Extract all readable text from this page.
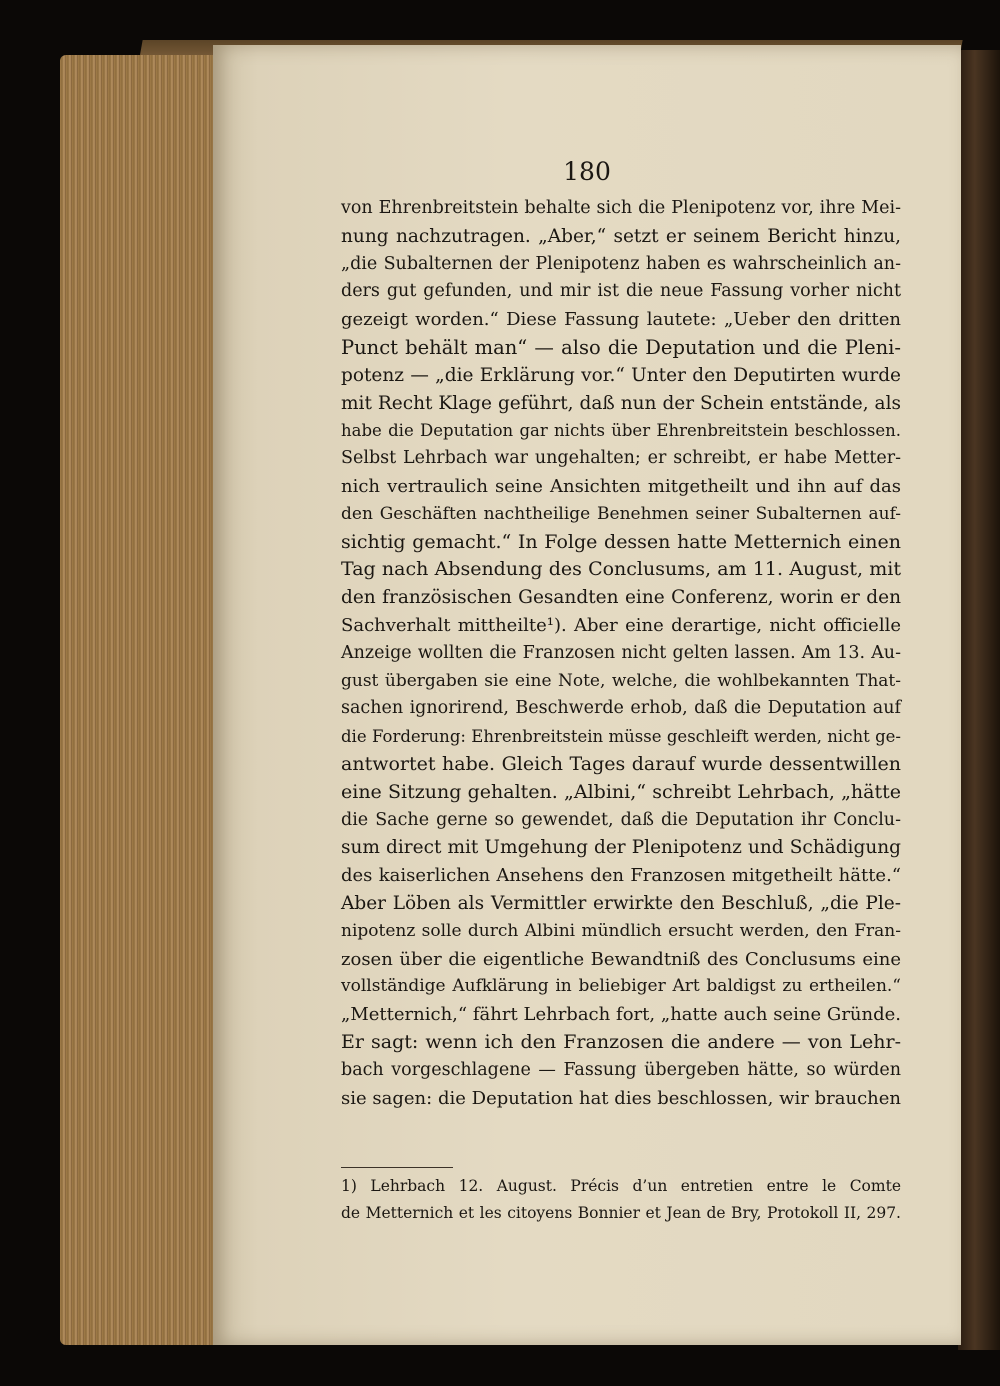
180
von Ehrenbreitstein behalte sich die Plenipotenz vor, ihre Mei-
nung nachzutragen. „Aber,“ setzt er seinem Bericht hinzu,
„die Subalternen der Plenipotenz haben es wahrscheinlich an-
ders gut gefunden, und mir ist die neue Fassung vorher nicht
gezeigt worden.“ Diese Fassung lautete: „Ueber den dritten
Punct behält man“ — also die Deputation und die Pleni-
potenz — „die Erklärung vor.“ Unter den Deputirten wurde
mit Recht Klage geführt, daß nun der Schein entstände, als
habe die Deputation gar nichts über Ehrenbreitstein beschlossen.
Selbst Lehrbach war ungehalten; er schreibt, er habe Metter-
nich vertraulich seine Ansichten mitgetheilt und ihn auf das
den Geschäften nachtheilige Benehmen seiner Subalternen auf-
sichtig gemacht.“ In Folge dessen hatte Metternich einen
Tag nach Absendung des Conclusums, am 11. August, mit
den französischen Gesandten eine Conferenz, worin er den
Sachverhalt mittheilte¹). Aber eine derartige, nicht officielle
Anzeige wollten die Franzosen nicht gelten lassen. Am 13. Au-
gust übergaben sie eine Note, welche, die wohlbekannten That-
sachen ignorirend, Beschwerde erhob, daß die Deputation auf
die Forderung: Ehrenbreitstein müsse geschleift werden, nicht ge-
antwortet habe. Gleich Tages darauf wurde dessentwillen
eine Sitzung gehalten. „Albini,“ schreibt Lehrbach, „hätte
die Sache gerne so gewendet, daß die Deputation ihr Conclu-
sum direct mit Umgehung der Plenipotenz und Schädigung
des kaiserlichen Ansehens den Franzosen mitgetheilt hätte.“
Aber Löben als Vermittler erwirkte den Beschluß, „die Ple-
nipotenz solle durch Albini mündlich ersucht werden, den Fran-
zosen über die eigentliche Bewandtniß des Conclusums eine
vollständige Aufklärung in beliebiger Art baldigst zu ertheilen.“
„Metternich,“ fährt Lehrbach fort, „hatte auch seine Gründe.
Er sagt: wenn ich den Franzosen die andere — von Lehr-
bach vorgeschlagene — Fassung übergeben hätte, so würden
sie sagen: die Deputation hat dies beschlossen, wir brauchen
1) Lehrbach 12. August. Précis d’un entretien entre le Comte
de Metternich et les citoyens Bonnier et Jean de Bry, Protokoll II, 297.
